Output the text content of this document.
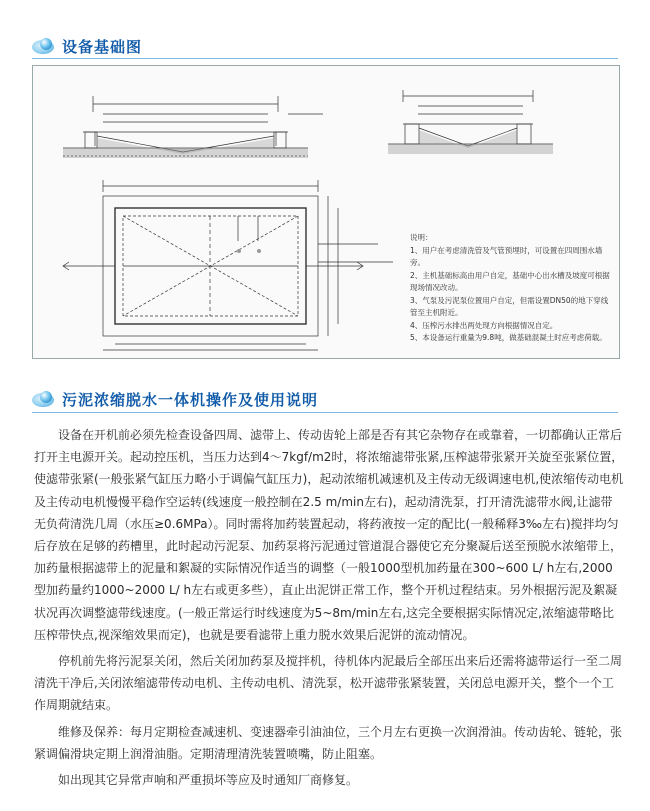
设备基础图

说明：

1、用户在考虑清洗管及气管预埋时，可设置在四周围水墙旁。

2、主机基础标高由用户自定，基础中心出水槽及坡度可根据现场情况改动。

3、气泵及污泥泵位置用户自定，但需设置DN50的地下穿线管至主机附近。

4、压榨污水排出两处现方向根据情况自定。

5、本设备运行重量为9.8吨，做基础混凝土时应考虑荷载。

污泥浓缩脱水一体机操作及使用说明

设备在开机前必须先检查设备四周、滤带上、传动齿轮上部是否有其它杂物存在或靠着，一切都确认正常后打开主电源开关。起动控压机，当压力达到4～7kgf/m2时，将浓缩滤带张紧,压榨滤带张紧开关旋至张紧位置，使滤带张紧(一般张紧气缸压力略小于调偏气缸压力)，起动浓缩机减速机及主传动无级调速电机,使浓缩传动电机及主传动电机慢慢平稳作空运转(线速度一般控制在2.5 m/min左右)，起动清洗泵，打开清洗滤带水阀,让滤带无负荷清洗几周（水压≥0.6MPa）。同时需将加药装置起动，将药液按一定的配比(一般稀释3‰左右)搅拌均匀后存放在足够的药槽里，此时起动污泥泵、加药泵将污泥通过管道混合器使它充分聚凝后送至预脱水浓缩带上，加药量根据滤带上的泥量和絮凝的实际情况作适当的调整（一般1000型机加药量在300~600 L/ h左右,2000型加药量约1000~2000 L/ h左右或更多些），直止出泥饼正常工作，整个开机过程结束。另外根据污泥及絮凝状况再次调整滤带线速度。(一般正常运行时线速度为5~8m/min左右,这完全要根据实际情况定,浓缩滤带略比压榨带快点,视深缩效果而定)，也就是要看滤带上重力脱水效果后泥饼的流动情况。

停机前先将污泥泵关闭，然后关闭加药泵及搅拌机，待机体内泥最后全部压出来后还需将滤带运行一至二周清洗干净后,关闭浓缩滤带传动电机、主传动电机、清洗泵，松开滤带张紧装置，关闭总电源开关，整个一个工作周期就结束。

维修及保养：每月定期检查减速机、变速器牵引油油位，三个月左右更换一次润滑油。传动齿轮、链轮，张紧调偏滑块定期上润滑油脂。定期清理清洗装置喷嘴，防止阻塞。

如出现其它异常声响和严重损坏等应及时通知厂商修复。
